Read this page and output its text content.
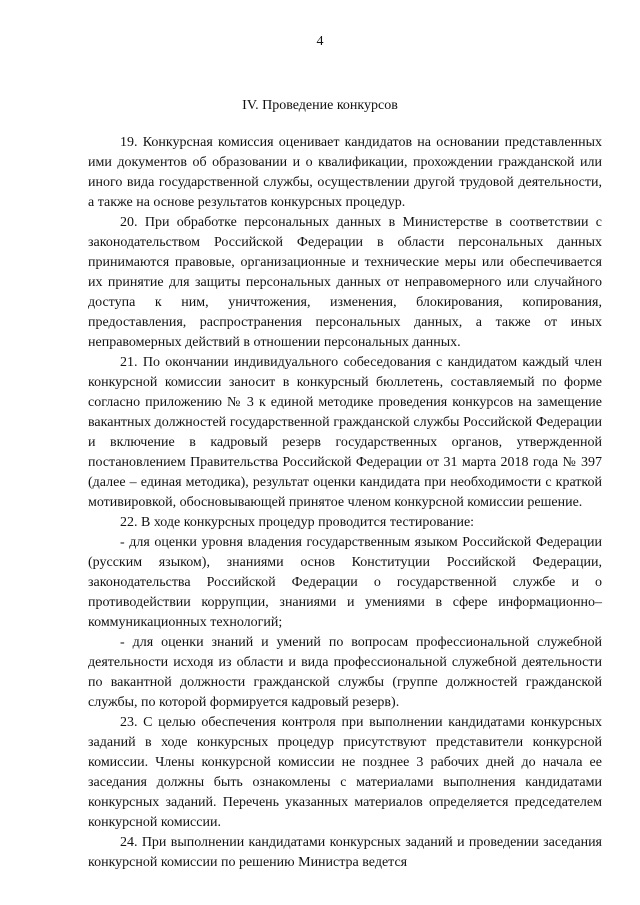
4
IV. Проведение конкурсов

19. Конкурсная комиссия оценивает кандидатов на основании представленных ими документов об образовании и о квалификации, прохождении гражданской или иного вида государственной службы, осуществлении другой трудовой деятельности, а также на основе результатов конкурсных процедур.

20. При обработке персональных данных в Министерстве в соответствии с законодательством Российской Федерации в области персональных данных принимаются правовые, организационные и технические меры или обеспечивается их принятие для защиты персональных данных от неправомерного или случайного доступа к ним, уничтожения, изменения, блокирования, копирования, предоставления, распространения персональных данных, а также от иных неправомерных действий в отношении персональных данных.

21. По окончании индивидуального собеседования с кандидатом каждый член конкурсной комиссии заносит в конкурсный бюллетень, составляемый по форме согласно приложению № 3 к единой методике проведения конкурсов на замещение вакантных должностей государственной гражданской службы Российской Федерации и включение в кадровый резерв государственных органов, утвержденной постановлением Правительства Российской Федерации от 31 марта 2018 года № 397 (далее – единая методика), результат оценки кандидата при необходимости с краткой мотивировкой, обосновывающей принятое членом конкурсной комиссии решение.

22. В ходе конкурсных процедур проводится тестирование:

- для оценки уровня владения государственным языком Российской Федерации (русским языком), знаниями основ Конституции Российской Федерации, законодательства Российской Федерации о государственной службе и о противодействии коррупции, знаниями и умениями в сфере информационно–коммуникационных технологий;

- для оценки знаний и умений по вопросам профессиональной служебной деятельности исходя из области и вида профессиональной служебной деятельности по вакантной должности гражданской службы (группе должностей гражданской службы, по которой формируется кадровый резерв).

23. С целью обеспечения контроля при выполнении кандидатами конкурсных заданий в ходе конкурсных процедур присутствуют представители конкурсной комиссии. Члены конкурсной комиссии не позднее 3 рабочих дней до начала ее заседания должны быть ознакомлены с материалами выполнения кандидатами конкурсных заданий. Перечень указанных материалов определяется председателем конкурсной комиссии.

24. При выполнении кандидатами конкурсных заданий и проведении заседания конкурсной комиссии по решению Министра ведется
